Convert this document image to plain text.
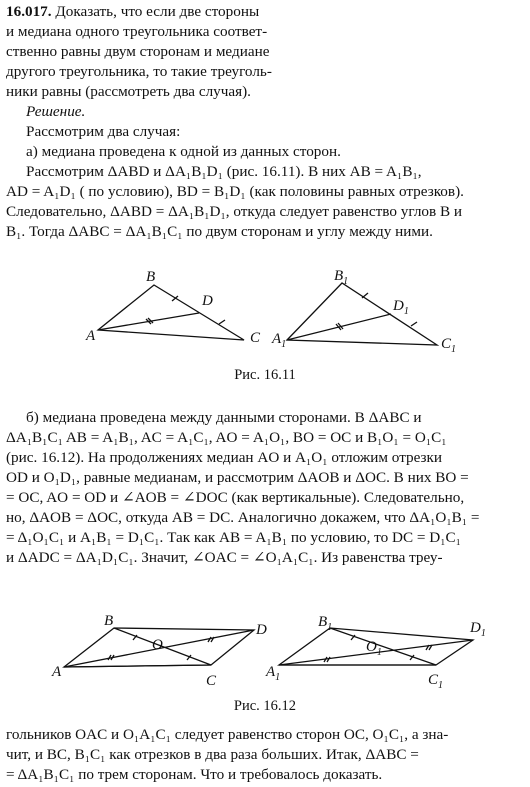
16.017. Доказать, что если две стороны
и медиана одного треугольника соответ-
ственно равны двум сторонам и медиане
другого треугольника, то такие треуголь-
ники равны (рассмотреть два случая).
Решение.
Рассмотрим два случая:
а) медиана проведена к одной из данных сторон.
Рассмотрим ΔABD и ΔA₁B₁D₁ (рис. 16.11). В них AB = A₁B₁,
AD = A₁D₁ ( по условию), BD = B₁D₁ (как половины равных отрезков).
Следовательно, ΔABD = ΔA₁B₁D₁, откуда следует равенство углов B и
B₁. Тогда ΔABC = ΔA₁B₁C₁ по двум сторонам и углу между ними.
B
A	C
D
$B_1$
$A_1$	$C_1$
$D_1$
Рис. 16.11
б) медиана проведена между данными сторонами. В ΔABC и
ΔA₁B₁C₁ AB = A₁B₁, AC = A₁C₁, AO = A₁O₁, BO = OC и B₁O₁ = O₁C₁
(рис. 16.12). На продолжениях медиан AO и A₁O₁ отложим отрезки
OD и O₁D₁, равные медианам, и рассмотрим ΔAOB и ΔOC. В них BO =
= OC, AO = OD и ∠AOB = ∠DOC (как вертикальные). Следовательно,
но, ΔAOB = ΔOC, откуда AB = DC. Аналогично докажем, что ΔA₁O₁B₁ =
= Δ₁O₁C₁ и A₁B₁ = D₁C₁. Так как AB = A₁B₁ по условию, то DC = D₁C₁
и ΔADC = ΔA₁D₁C₁. Значит, ∠OAC = ∠O₁A₁C₁. Из равенства треу-
B
A
C
D
O
$B_1$
$A_1$	$C_1$
$D_1$
$O_1$
Рис. 16.12
гольников OAC и O₁A₁C₁ следует равенство сторон OC, O₁C₁, а зна-
чит, и BC, B₁C₁ как отрезков в два раза больших. Итак, ΔABC =
= ΔA₁B₁C₁ по трем сторонам. Что и требовалось доказать.
